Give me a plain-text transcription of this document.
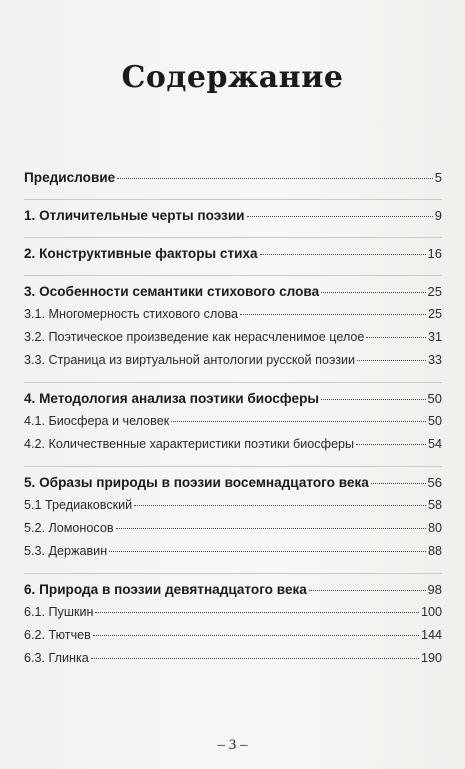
Содержание
Предисловие	5
1. Отличительные черты поэзии	9
2. Конструктивные факторы стиха	16
3. Особенности семантики стихового слова	25
3.1. Многомерность стихового слова	25
3.2. Поэтическое произведение как нерасчленимое целое	31
3.3. Страница из виртуальной антологии русской поэзии	33
4. Методология анализа поэтики биосферы	50
4.1. Биосфера и человек	50
4.2. Количественные характеристики поэтики биосферы	54
5. Образы природы в поэзии восемнадцатого века	56
5.1 Тредиаковский	58
5.2. Ломоносов	80
5.3. Державин	88
6. Природа в поэзии девятнадцатого века	98
6.1. Пушкин	100
6.2. Тютчев	144
6.3. Глинка	190
– 3 –
